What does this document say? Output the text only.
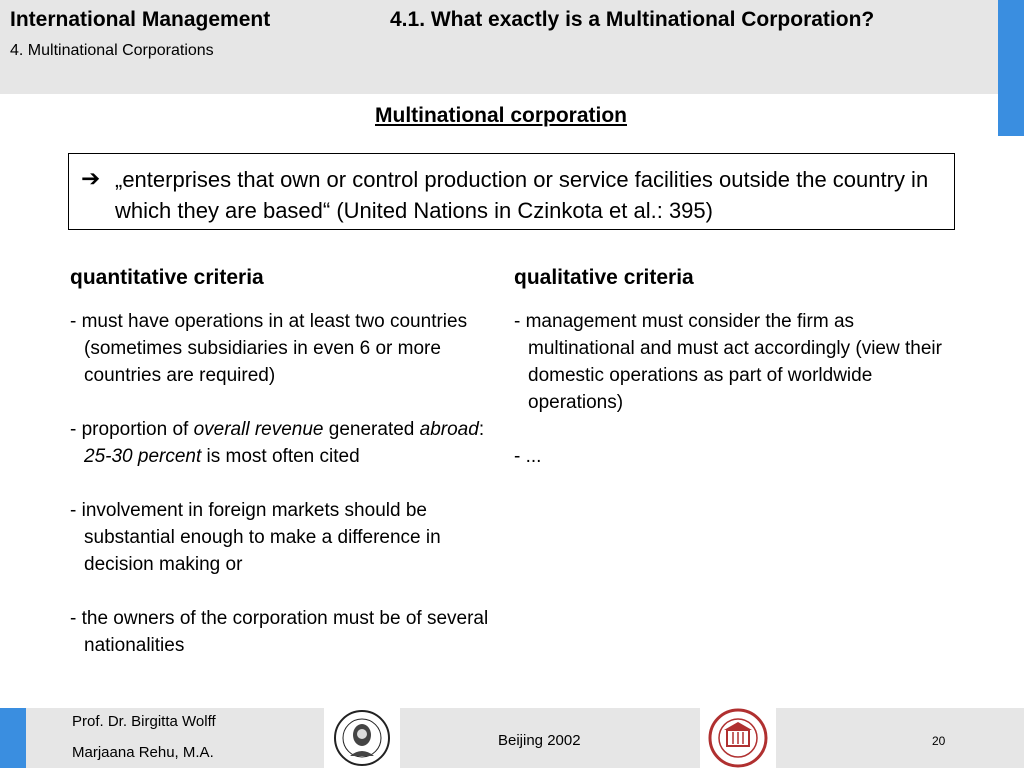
International Management
4. Multinational Corporations
4.1. What exactly is a Multinational Corporation?
Multinational corporation
➔ „enterprises that own or control production or service facilities outside the country in which they are based“ (United Nations in Czinkota et al.: 395)
quantitative criteria

- must have operations in at least two countries (sometimes subsidiaries in even 6 or more countries are required)

- proportion of overall revenue generated abroad: 25-30 percent is most often cited

- involvement in foreign markets should be substantial enough to make a difference in decision making or

- the owners of the corporation must be of several nationalities

qualitative criteria

- management must consider the firm as multinational and must act accordingly (view their domestic operations as part of worldwide operations)

- ...

Prof. Dr. Birgitta Wolff
Marjaana Rehu, M.A.
Beijing 2002	20
